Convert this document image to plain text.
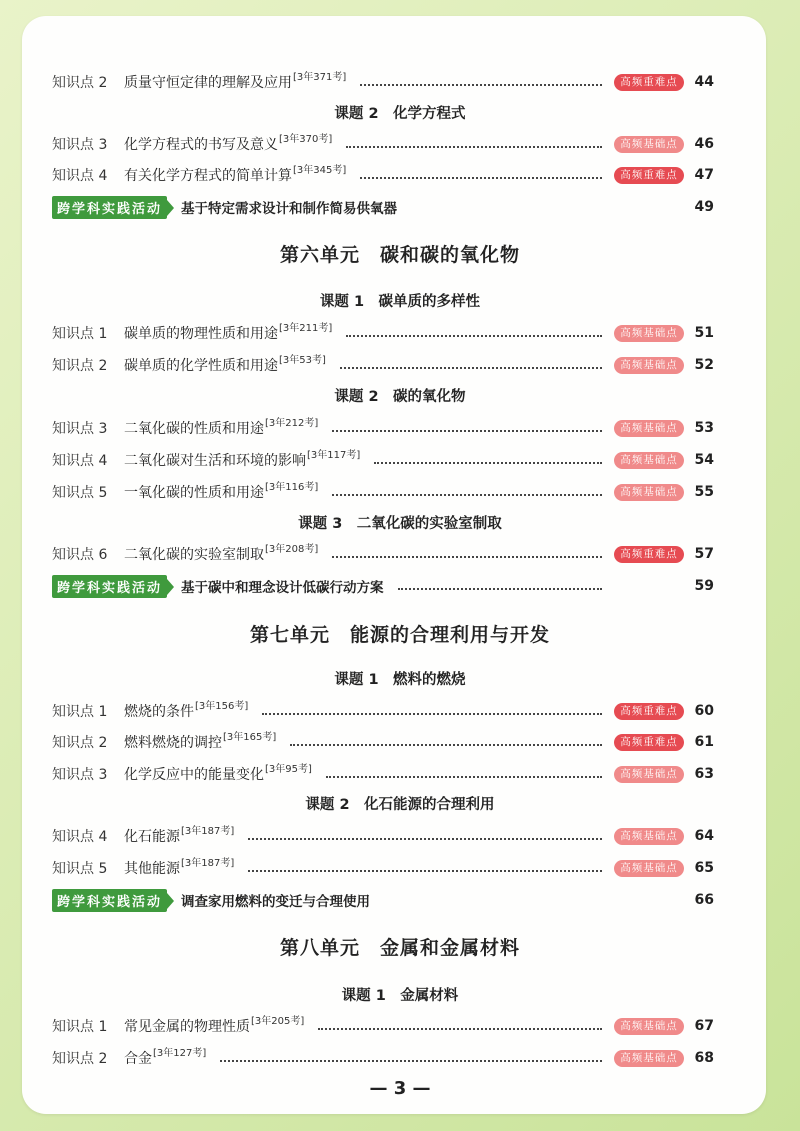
知识点 2	质量守恒定律的理解及应用 [3年371考]	高频重难点	44
课题 2　化学方程式
知识点 3	化学方程式的书写及意义 [3年370考]	高频基础点	46
知识点 4	有关化学方程式的简单计算 [3年345考]	高频重难点	47
跨学科实践活动	基于特定需求设计和制作简易供氧器	49
第六单元　碳和碳的氧化物
课题 1　碳单质的多样性
知识点 1	碳单质的物理性质和用途 [3年211考]	高频基础点	51
知识点 2	碳单质的化学性质和用途 [3年53考]	高频基础点	52
课题 2　碳的氧化物
知识点 3	二氧化碳的性质和用途 [3年212考]	高频基础点	53
知识点 4	二氧化碳对生活和环境的影响 [3年117考]	高频基础点	54
知识点 5	一氧化碳的性质和用途 [3年116考]	高频基础点	55
课题 3　二氧化碳的实验室制取
知识点 6	二氧化碳的实验室制取 [3年208考]	高频重难点	57
跨学科实践活动	基于碳中和理念设计低碳行动方案	59
第七单元　能源的合理利用与开发
课题 1　燃料的燃烧
知识点 1	燃烧的条件 [3年156考]	高频重难点	60
知识点 2	燃料燃烧的调控 [3年165考]	高频重难点	61
知识点 3	化学反应中的能量变化 [3年95考]	高频基础点	63
课题 2　化石能源的合理利用
知识点 4	化石能源 [3年187考]	高频基础点	64
知识点 5	其他能源 [3年187考]	高频基础点	65
跨学科实践活动	调查家用燃料的变迁与合理使用	66
第八单元　金属和金属材料
课题 1　金属材料
知识点 1	常见金属的物理性质 [3年205考]	高频基础点	67
知识点 2	合金 [3年127考]	高频基础点	68
— 3 —
